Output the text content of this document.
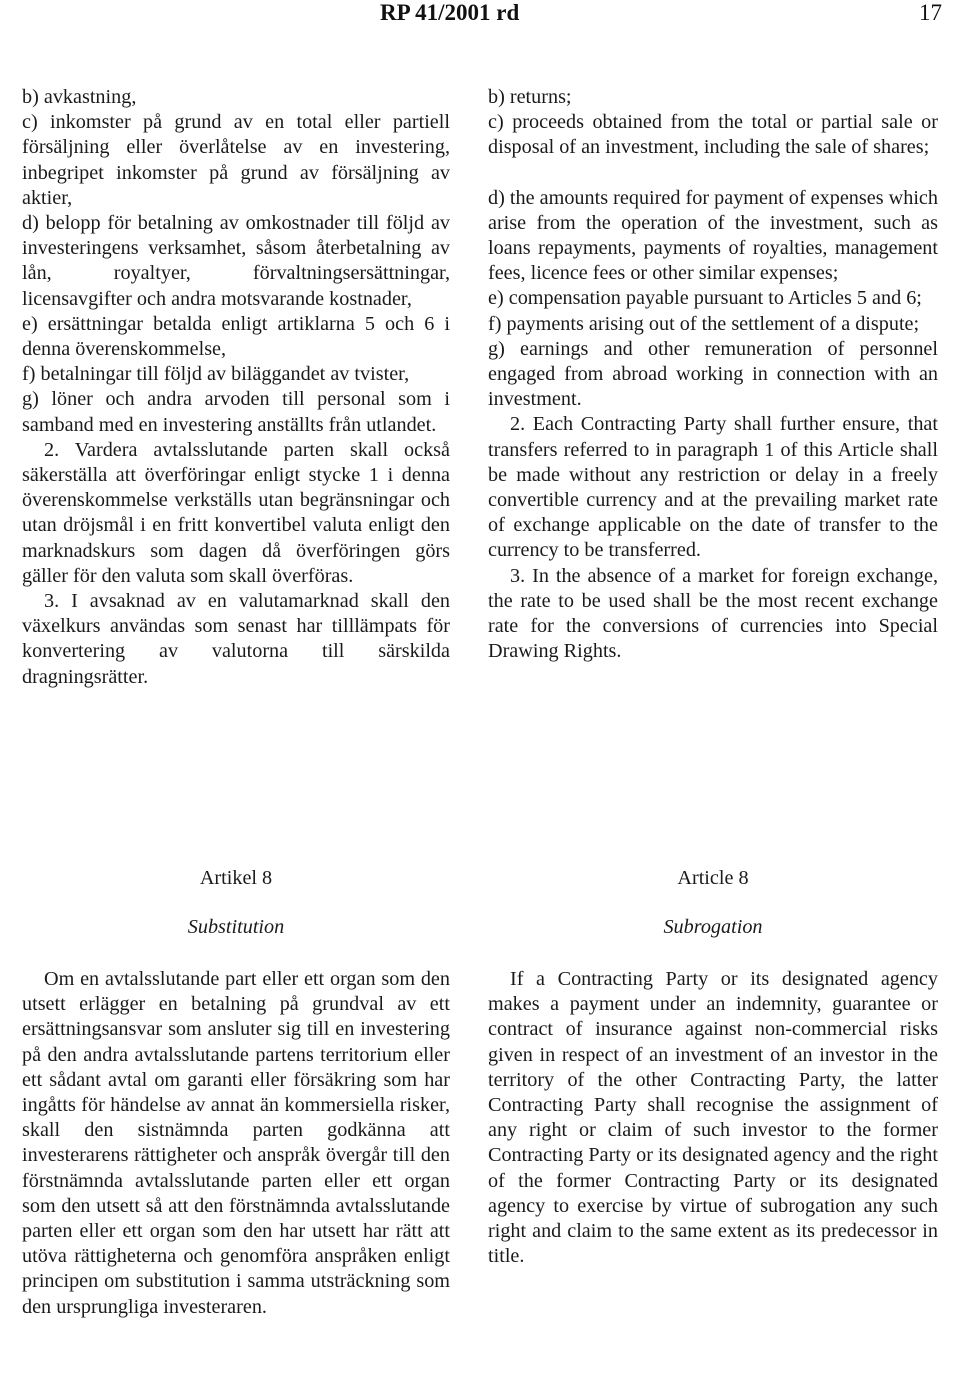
RP 41/2001 rd	17

b) avkastning,

c) inkomster på grund av en total eller partiell försäljning eller överlåtelse av en investering, inbegripet inkomster på grund av försäljning av aktier,

d) belopp för betalning av omkostnader till följd av investeringens verksamhet, såsom återbetalning av lån, royaltyer, förvaltningsersättningar, licensavgifter och andra motsvarande kostnader,

e) ersättningar betalda enligt artiklarna 5 och 6 i denna överenskommelse,

f) betalningar till följd av biläggandet av tvister,

g) löner och andra arvoden till personal som i samband med en investering anställts från utlandet.

2. Vardera avtalsslutande parten skall också säkerställa att överföringar enligt stycke 1 i denna överenskommelse verkställs utan begränsningar och utan dröjsmål i en fritt konvertibel valuta enligt den marknadskurs som dagen då överföringen görs gäller för den valuta som skall överföras.

3. I avsaknad av en valutamarknad skall den växelkurs användas som senast har tilllämpats för konvertering av valutorna till särskilda dragningsrätter.

b) returns;

c) proceeds obtained from the total or partial sale or disposal of an investment, including the sale of shares;

d) the amounts required for payment of expenses which arise from the operation of the investment, such as loans repayments, payments of royalties, management fees, licence fees or other similar expenses;

e) compensation payable pursuant to Articles 5 and 6;

f) payments arising out of the settlement of a dispute;

g) earnings and other remuneration of personnel engaged from abroad working in connection with an investment.

2. Each Contracting Party shall further ensure, that transfers referred to in paragraph 1 of this Article shall be made without any restriction or delay in a freely convertible currency and at the prevailing market rate of exchange applicable on the date of transfer to the currency to be transferred.

3. In the absence of a market for foreign exchange, the rate to be used shall be the most recent exchange rate for the conversions of currencies into Special Drawing Rights.

Artikel 8
Substitution
Article 8
Subrogation

Om en avtalsslutande part eller ett organ som den utsett erlägger en betalning på grundval av ett ersättningsansvar som ansluter sig till en investering på den andra avtalsslutande partens territorium eller ett sådant avtal om garanti eller försäkring som har ingåtts för händelse av annat än kommersiella risker, skall den sistnämnda parten godkänna att investerarens rättigheter och anspråk övergår till den förstnämnda avtalsslutande parten eller ett organ som den utsett så att den förstnämnda avtalsslutande parten eller ett organ som den har utsett har rätt att utöva rättigheterna och genomföra anspråken enligt principen om substitution i samma utsträckning som den ursprungliga investeraren.

If a Contracting Party or its designated agency makes a payment under an indemnity, guarantee or contract of insurance against non-commercial risks given in respect of an investment of an investor in the territory of the other Contracting Party, the latter Contracting Party shall recognise the assignment of any right or claim of such investor to the former Contracting Party or its designated agency and the right of the former Contracting Party or its designated agency to exercise by virtue of subrogation any such right and claim to the same extent as its predecessor in title.
